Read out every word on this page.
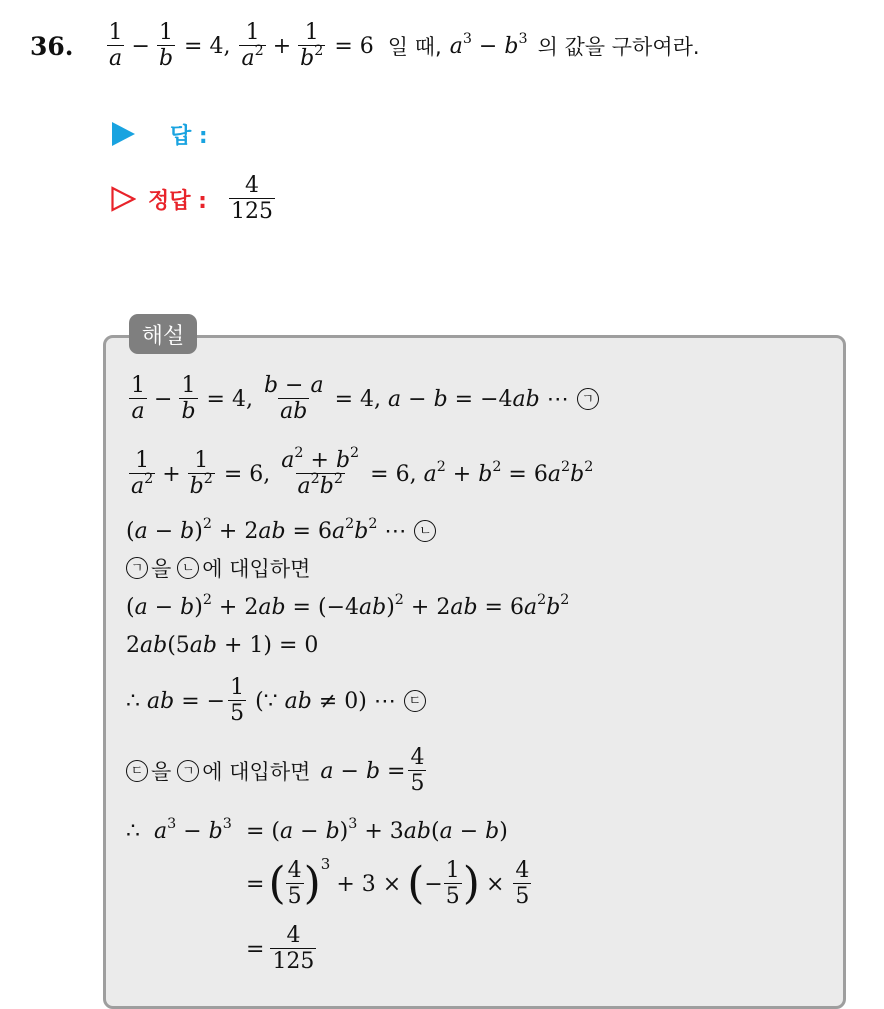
36. $\frac{1}{a} - \frac{1}{b} = 4$, $\frac{1}{a^2} + \frac{1}{b^2} = 6$ 일 때, $a^3 - b^3$ 의 값을 구하여라.
답 :
정답 : $\frac{4}{125}$
해설
$\frac{1}{a} - \frac{1}{b} = 4$, $\frac{b - a}{ab} = 4$, a − b = −4ab ⋯ ㄱ
$\frac{1}{a^2} + \frac{1}{b^2} = 6$, $\frac{a^2 + b^2}{a^2b^2} = 6$, $a^2 + b^2 = 6a^2b^2$
$(a - b)^2 + 2ab = 6a^2b^2$ ⋯ ㄴ
ㄱ 을 ㄴ 에 대입하면
$(a - b)^2 + 2ab = (-4ab)^2 + 2ab = 6a^2b^2$
2ab(5ab + 1) = 0
∴ ab = − $\frac{1}{5}$ (∵ ab ≠ 0) ⋯ ㄷ
ㄷ 을 ㄱ 에 대입하면 $a - b = \frac{4}{5}$
∴  $a^3 - b^3 = (a - b)^3 + 3ab(a - b)$
= ( $\frac{4}{5}$ ) 3
+ 3 × ( − $\frac{1}{5}$ ) × $\frac{4}{5}$
= $\frac{4}{125}$
